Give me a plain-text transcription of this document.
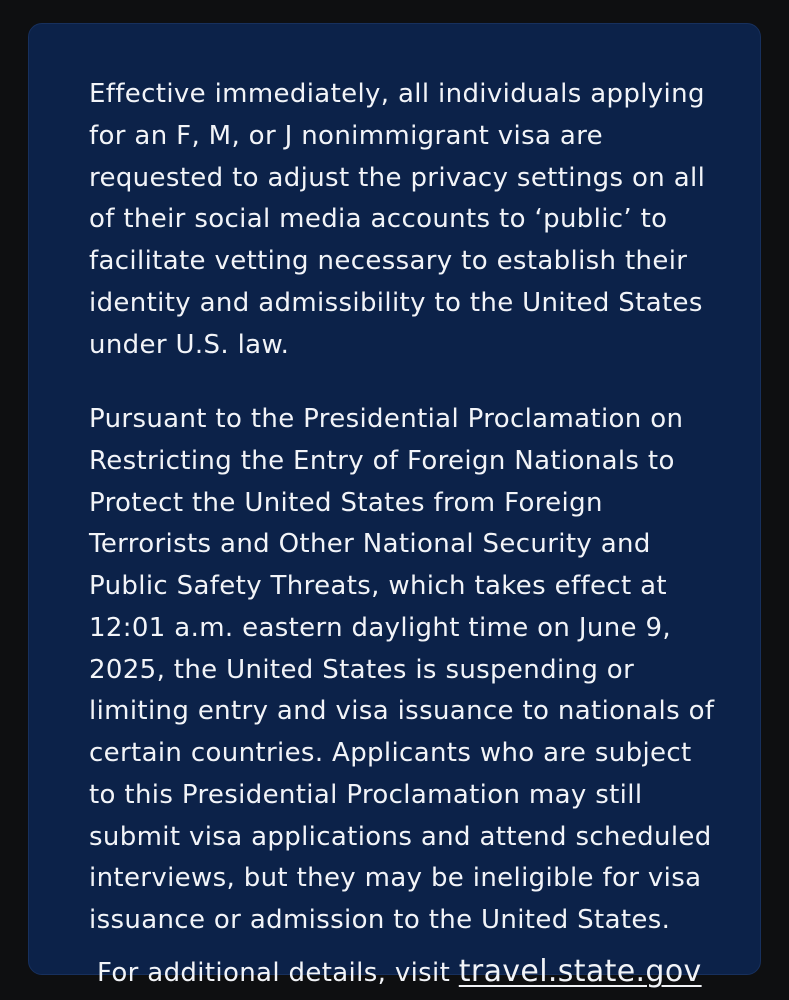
Effective immediately, all individuals applying
for an F, M, or J nonimmigrant visa are
requested to adjust the privacy settings on all
of their social media accounts to ‘public’ to
facilitate vetting necessary to establish their
identity and admissibility to the United States
under U.S. law.

Pursuant to the Presidential Proclamation on
Restricting the Entry of Foreign Nationals to
Protect the United States from Foreign
Terrorists and Other National Security and
Public Safety Threats, which takes effect at
12:01 a.m. eastern daylight time on June 9,
2025, the United States is suspending or
limiting entry and visa issuance to nationals of
certain countries. Applicants who are subject
to this Presidential Proclamation may still
submit visa applications and attend scheduled
interviews, but they may be ineligible for visa
issuance or admission to the United States.

For additional details, visit travel.state.gov
